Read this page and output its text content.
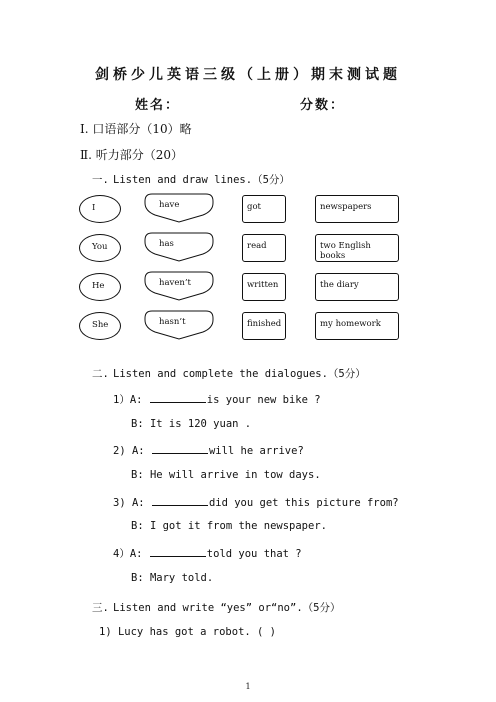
剑桥少儿英语三级（上册）期末测试题
姓名：	分数：
Ⅰ. 口语部分（10）略
Ⅱ. 听力部分（20）
一. Listen and draw lines.（5分）
I	have	got	newspapers
You	has	read	two English books
He	haven’t	written	the diary
She	hasn’t	finished	my homework
二. Listen and complete the dialogues.（5分）
1）A:	is your new bike ?
B: It is 120 yuan .
2) A:	will he arrive?
B: He will arrive in tow days.
3) A:	did you get this picture from?
B: I got it from the newspaper.
4）A:	told you that ?
B: Mary told.
三. Listen and write “yes” or“no”.（5分）
1) Lucy has got a robot. ( )
1
